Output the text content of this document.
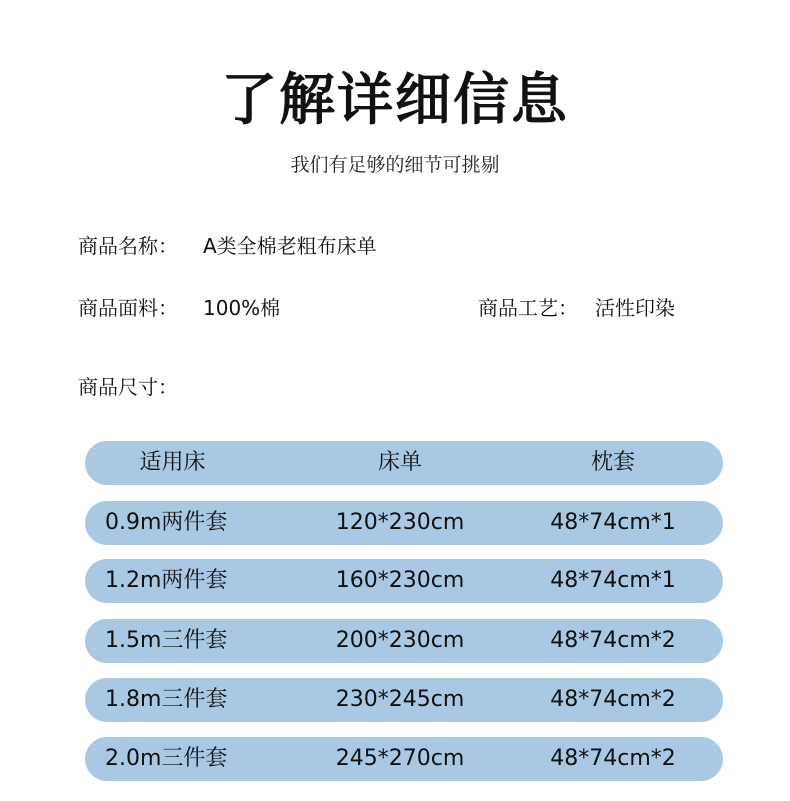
了解详细信息
我们有足够的细节可挑剔
商品名称： A类全棉老粗布床单
商品面料： 100%棉	商品工艺： 活性印染
商品尺寸：
适用床	床单	枕套
0.9m两件套	120*230cm	48*74cm*1
1.2m两件套	160*230cm	48*74cm*1
1.5m三件套	200*230cm	48*74cm*2
1.8m三件套	230*245cm	48*74cm*2
2.0m三件套	245*270cm	48*74cm*2
